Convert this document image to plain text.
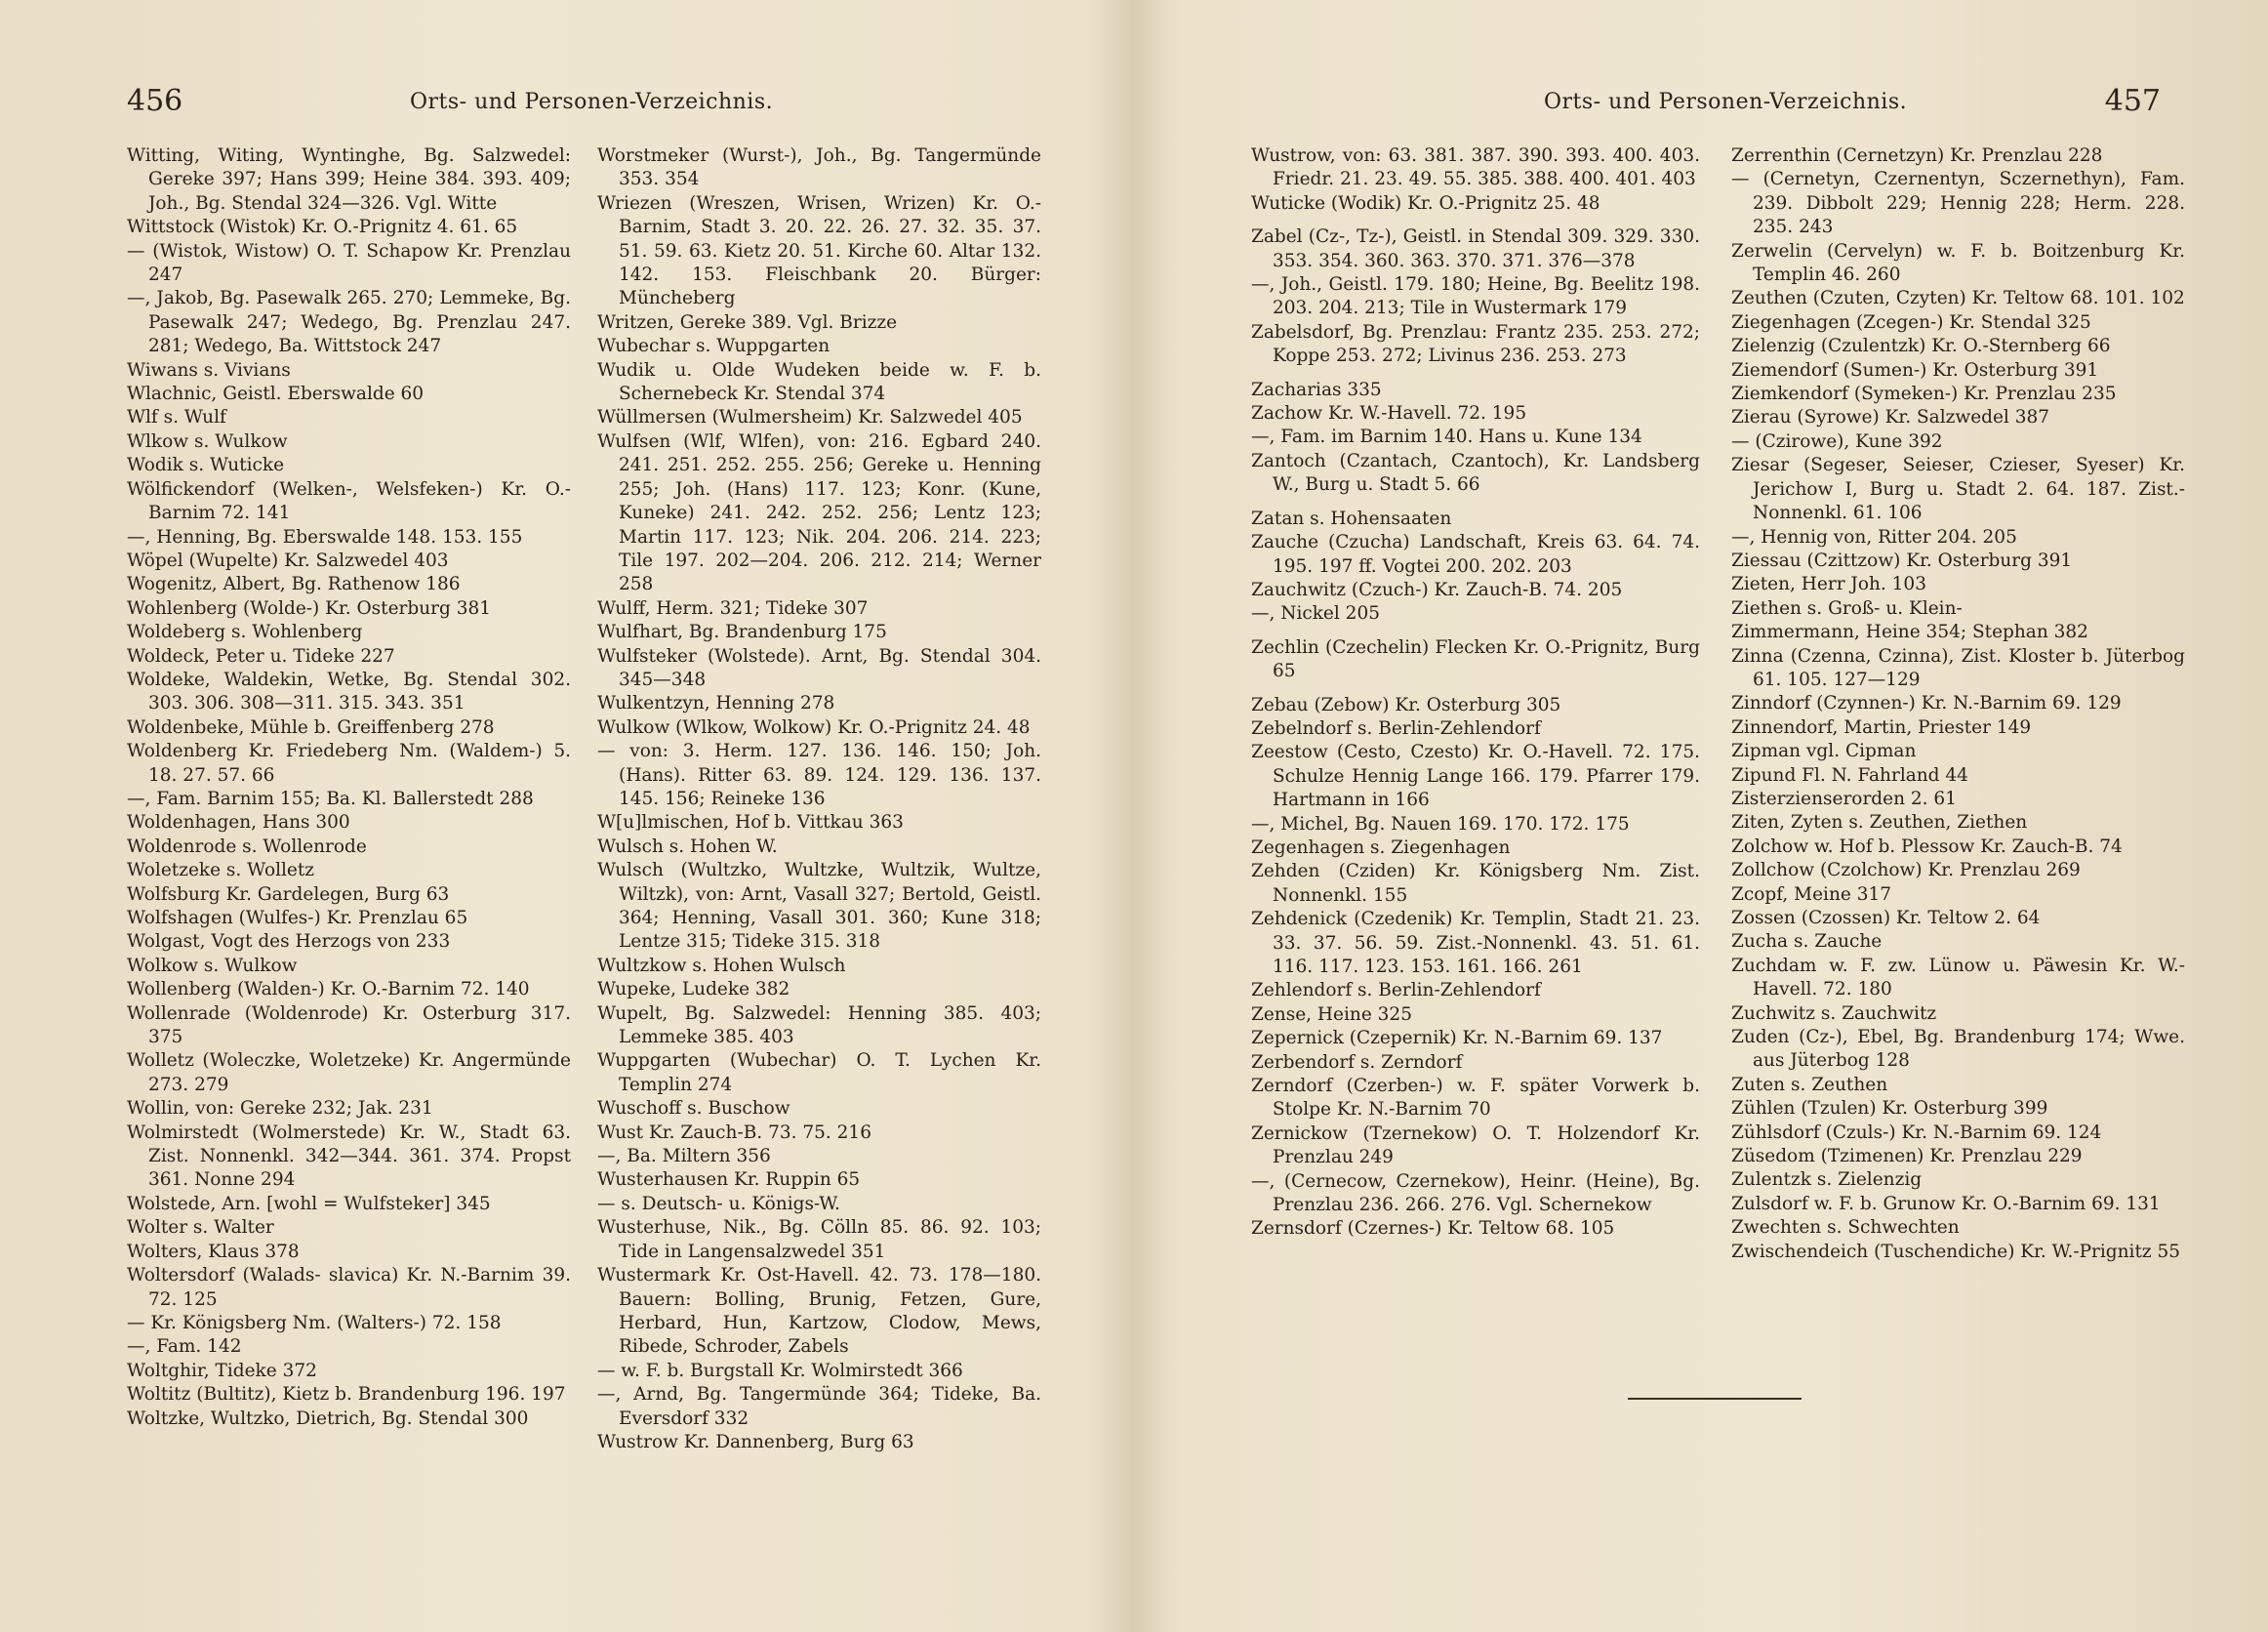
456	Orts- und Personen-Verzeichnis.

Witting, Witing, Wyntinghe, Bg. Salzwedel: Gereke 397; Hans 399; Heine 384. 393. 409; Joh., Bg. Stendal 324—326. Vgl. Witte

Wittstock (Wistok) Kr. O.-Prignitz 4. 61. 65

— (Wistok, Wistow) O. T. Schapow Kr. Prenzlau 247

—, Jakob, Bg. Pasewalk 265. 270; Lemmeke, Bg. Pasewalk 247; Wedego, Bg. Prenzlau 247. 281; Wedego, Ba. Wittstock 247

Wiwans s. Vivians

Wlachnic, Geistl. Eberswalde 60

Wlf s. Wulf

Wlkow s. Wulkow

Wodik s. Wuticke

Wölfickendorf (Welken-, Welsfeken-) Kr. O.-Barnim 72. 141

—, Henning, Bg. Eberswalde 148. 153. 155

Wöpel (Wupelte) Kr. Salzwedel 403

Wogenitz, Albert, Bg. Rathenow 186

Wohlenberg (Wolde-) Kr. Osterburg 381

Woldeberg s. Wohlenberg

Woldeck, Peter u. Tideke 227

Woldeke, Waldekin, Wetke, Bg. Stendal 302. 303. 306. 308—311. 315. 343. 351

Woldenbeke, Mühle b. Greiffenberg 278

Woldenberg Kr. Friedeberg Nm. (Waldem-) 5. 18. 27. 57. 66

—, Fam. Barnim 155; Ba. Kl. Ballerstedt 288

Woldenhagen, Hans 300

Woldenrode s. Wollenrode

Woletzeke s. Wolletz

Wolfsburg Kr. Gardelegen, Burg 63

Wolfshagen (Wulfes-) Kr. Prenzlau 65

Wolgast, Vogt des Herzogs von 233

Wolkow s. Wulkow

Wollenberg (Walden-) Kr. O.-Barnim 72. 140

Wollenrade (Woldenrode) Kr. Osterburg 317. 375

Wolletz (Woleczke, Woletzeke) Kr. Angermünde 273. 279

Wollin, von: Gereke 232; Jak. 231

Wolmirstedt (Wolmerstede) Kr. W., Stadt 63. Zist. Nonnenkl. 342—344. 361. 374. Propst 361. Nonne 294

Wolstede, Arn. [wohl = Wulfsteker] 345

Wolter s. Walter

Wolters, Klaus 378

Woltersdorf (Walads- slavica) Kr. N.-Barnim 39. 72. 125

— Kr. Königsberg Nm. (Walters-) 72. 158

—, Fam. 142

Woltghir, Tideke 372

Woltitz (Bultitz), Kietz b. Brandenburg 196. 197

Woltzke, Wultzko, Dietrich, Bg. Stendal 300

Worstmeker (Wurst-), Joh., Bg. Tangermünde 353. 354

Wriezen (Wreszen, Wrisen, Wrizen) Kr. O.-Barnim, Stadt 3. 20. 22. 26. 27. 32. 35. 37. 51. 59. 63. Kietz 20. 51. Kirche 60. Altar 132. 142. 153. Fleischbank 20. Bürger: Müncheberg

Writzen, Gereke 389. Vgl. Brizze

Wubechar s. Wuppgarten

Wudik u. Olde Wudeken beide w. F. b. Schernebeck Kr. Stendal 374

Wüllmersen (Wulmersheim) Kr. Salzwedel 405

Wulfsen (Wlf, Wlfen), von: 216. Egbard 240. 241. 251. 252. 255. 256; Gereke u. Henning 255; Joh. (Hans) 117. 123; Konr. (Kune, Kuneke) 241. 242. 252. 256; Lentz 123; Martin 117. 123; Nik. 204. 206. 214. 223; Tile 197. 202—204. 206. 212. 214; Werner 258

Wulff, Herm. 321; Tideke 307

Wulfhart, Bg. Brandenburg 175

Wulfsteker (Wolstede). Arnt, Bg. Stendal 304. 345—348

Wulkentzyn, Henning 278

Wulkow (Wlkow, Wolkow) Kr. O.-Prignitz 24. 48

— von: 3. Herm. 127. 136. 146. 150; Joh. (Hans). Ritter 63. 89. 124. 129. 136. 137. 145. 156; Reineke 136

W[u]lmischen, Hof b. Vittkau 363

Wulsch s. Hohen W.

Wulsch (Wultzko, Wultzke, Wultzik, Wultze, Wiltzk), von: Arnt, Vasall 327; Bertold, Geistl. 364; Henning, Vasall 301. 360; Kune 318; Lentze 315; Tideke 315. 318

Wultzkow s. Hohen Wulsch

Wupeke, Ludeke 382

Wupelt, Bg. Salzwedel: Henning 385. 403; Lemmeke 385. 403

Wuppgarten (Wubechar) O. T. Lychen Kr. Templin 274

Wuschoff s. Buschow

Wust Kr. Zauch-B. 73. 75. 216

—, Ba. Miltern 356

Wusterhausen Kr. Ruppin 65

— s. Deutsch- u. Königs-W.

Wusterhuse, Nik., Bg. Cölln 85. 86. 92. 103; Tide in Langensalzwedel 351

Wustermark Kr. Ost-Havell. 42. 73. 178—180. Bauern: Bolling, Brunig, Fetzen, Gure, Herbard, Hun, Kartzow, Clodow, Mews, Ribede, Schroder, Zabels

— w. F. b. Burgstall Kr. Wolmirstedt 366

—, Arnd, Bg. Tangermünde 364; Tideke, Ba. Eversdorf 332

Wustrow Kr. Dannenberg, Burg 63

Orts- und Personen-Verzeichnis.	457

Wustrow, von: 63. 381. 387. 390. 393. 400. 403. Friedr. 21. 23. 49. 55. 385. 388. 400. 401. 403

Wuticke (Wodik) Kr. O.-Prignitz 25. 48

Zabel (Cz-, Tz-), Geistl. in Stendal 309. 329. 330. 353. 354. 360. 363. 370. 371. 376—378

—, Joh., Geistl. 179. 180; Heine, Bg. Beelitz 198. 203. 204. 213; Tile in Wustermark 179

Zabelsdorf, Bg. Prenzlau: Frantz 235. 253. 272; Koppe 253. 272; Livinus 236. 253. 273

Zacharias 335

Zachow Kr. W.-Havell. 72. 195

—, Fam. im Barnim 140. Hans u. Kune 134

Zantoch (Czantach, Czantoch), Kr. Landsberg W., Burg u. Stadt 5. 66

Zatan s. Hohensaaten

Zauche (Czucha) Landschaft, Kreis 63. 64. 74. 195. 197 ff. Vogtei 200. 202. 203

Zauchwitz (Czuch-) Kr. Zauch-B. 74. 205

—, Nickel 205

Zechlin (Czechelin) Flecken Kr. O.-Prignitz, Burg 65

Zebau (Zebow) Kr. Osterburg 305

Zebelndorf s. Berlin-Zehlendorf

Zeestow (Cesto, Czesto) Kr. O.-Havell. 72. 175. Schulze Hennig Lange 166. 179. Pfarrer 179. Hartmann in 166

—, Michel, Bg. Nauen 169. 170. 172. 175

Zegenhagen s. Ziegenhagen

Zehden (Cziden) Kr. Königsberg Nm. Zist. Nonnenkl. 155

Zehdenick (Czedenik) Kr. Templin, Stadt 21. 23. 33. 37. 56. 59. Zist.-Nonnenkl. 43. 51. 61. 116. 117. 123. 153. 161. 166. 261

Zehlendorf s. Berlin-Zehlendorf

Zense, Heine 325

Zepernick (Czepernik) Kr. N.-Barnim 69. 137

Zerbendorf s. Zerndorf

Zerndorf (Czerben-) w. F. später Vorwerk b. Stolpe Kr. N.-Barnim 70

Zernickow (Tzernekow) O. T. Holzendorf Kr. Prenzlau 249

—, (Cernecow, Czernekow), Heinr. (Heine), Bg. Prenzlau 236. 266. 276. Vgl. Schernekow

Zernsdorf (Czernes-) Kr. Teltow 68. 105

Zerrenthin (Cernetzyn) Kr. Prenzlau 228

— (Cernetyn, Czernentyn, Sczernethyn), Fam. 239. Dibbolt 229; Hennig 228; Herm. 228. 235. 243

Zerwelin (Cervelyn) w. F. b. Boitzenburg Kr. Templin 46. 260

Zeuthen (Czuten, Czyten) Kr. Teltow 68. 101. 102

Ziegenhagen (Zcegen-) Kr. Stendal 325

Zielenzig (Czulentzk) Kr. O.-Sternberg 66

Ziemendorf (Sumen-) Kr. Osterburg 391

Ziemkendorf (Symeken-) Kr. Prenzlau 235

Zierau (Syrowe) Kr. Salzwedel 387

— (Czirowe), Kune 392

Ziesar (Segeser, Seieser, Czieser, Syeser) Kr. Jerichow I, Burg u. Stadt 2. 64. 187. Zist.-Nonnenkl. 61. 106

—, Hennig von, Ritter 204. 205

Ziessau (Czittzow) Kr. Osterburg 391

Zieten, Herr Joh. 103

Ziethen s. Groß- u. Klein-

Zimmermann, Heine 354; Stephan 382

Zinna (Czenna, Czinna), Zist. Kloster b. Jüterbog 61. 105. 127—129

Zinndorf (Czynnen-) Kr. N.-Barnim 69. 129

Zinnendorf, Martin, Priester 149

Zipman vgl. Cipman

Zipund Fl. N. Fahrland 44

Zisterzienserorden 2. 61

Ziten, Zyten s. Zeuthen, Ziethen

Zolchow w. Hof b. Plessow Kr. Zauch-B. 74

Zollchow (Czolchow) Kr. Prenzlau 269

Zcopf, Meine 317

Zossen (Czossen) Kr. Teltow 2. 64

Zucha s. Zauche

Zuchdam w. F. zw. Lünow u. Päwesin Kr. W.-Havell. 72. 180

Zuchwitz s. Zauchwitz

Zuden (Cz-), Ebel, Bg. Brandenburg 174; Wwe. aus Jüterbog 128

Zuten s. Zeuthen

Zühlen (Tzulen) Kr. Osterburg 399

Zühlsdorf (Czuls-) Kr. N.-Barnim 69. 124

Züsedom (Tzimenen) Kr. Prenzlau 229

Zulentzk s. Zielenzig

Zulsdorf w. F. b. Grunow Kr. O.-Barnim 69. 131

Zwechten s. Schwechten

Zwischendeich (Tuschendiche) Kr. W.-Prignitz 55
